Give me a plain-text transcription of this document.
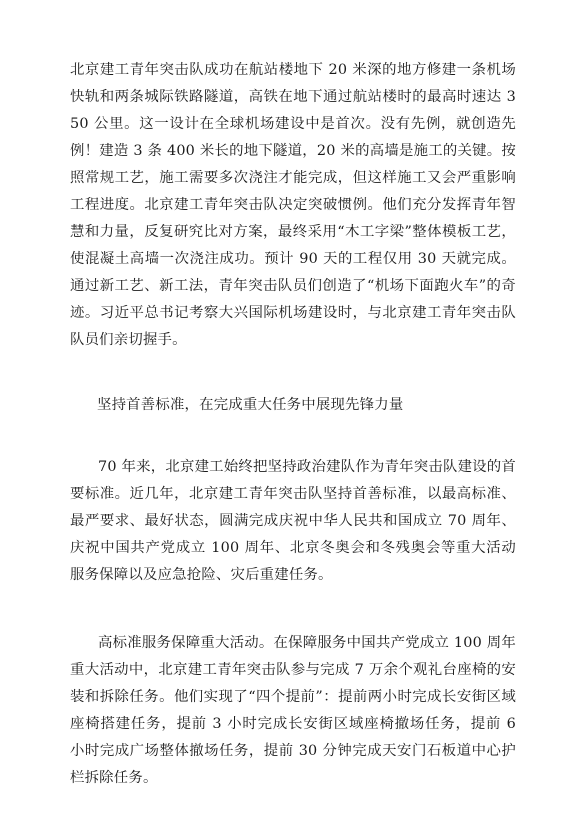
北京建工青年突击队成功在航站楼地下 20 米深的地方修建一条机场快轨和两条城际铁路隧道，高铁在地下通过航站楼时的最高时速达 350 公里。这一设计在全球机场建设中是首次。没有先例，就创造先例！建造 3 条 400 米长的地下隧道，20 米的高墙是施工的关键。按照常规工艺，施工需要多次浇注才能完成，但这样施工又会严重影响工程进度。北京建工青年突击队决定突破惯例。他们充分发挥青年智慧和力量，反复研究比对方案，最终采用“木工字梁”整体模板工艺，使混凝土高墙一次浇注成功。预计 90 天的工程仅用 30 天就完成。通过新工艺、新工法，青年突击队员们创造了“机场下面跑火车”的奇迹。习近平总书记考察大兴国际机场建设时，与北京建工青年突击队队员们亲切握手。

坚持首善标准，在完成重大任务中展现先锋力量

70 年来，北京建工始终把坚持政治建队作为青年突击队建设的首要标准。近几年，北京建工青年突击队坚持首善标准，以最高标准、最严要求、最好状态，圆满完成庆祝中华人民共和国成立 70 周年、庆祝中国共产党成立 100 周年、北京冬奥会和冬残奥会等重大活动服务保障以及应急抢险、灾后重建任务。

高标准服务保障重大活动。在保障服务中国共产党成立 100 周年重大活动中，北京建工青年突击队参与完成 7 万余个观礼台座椅的安装和拆除任务。他们实现了“四个提前”：提前两小时完成长安街区域座椅搭建任务，提前 3 小时完成长安街区域座椅撤场任务，提前 6 小时完成广场整体撤场任务，提前 30 分钟完成天安门石板道中心护栏拆除任务。
